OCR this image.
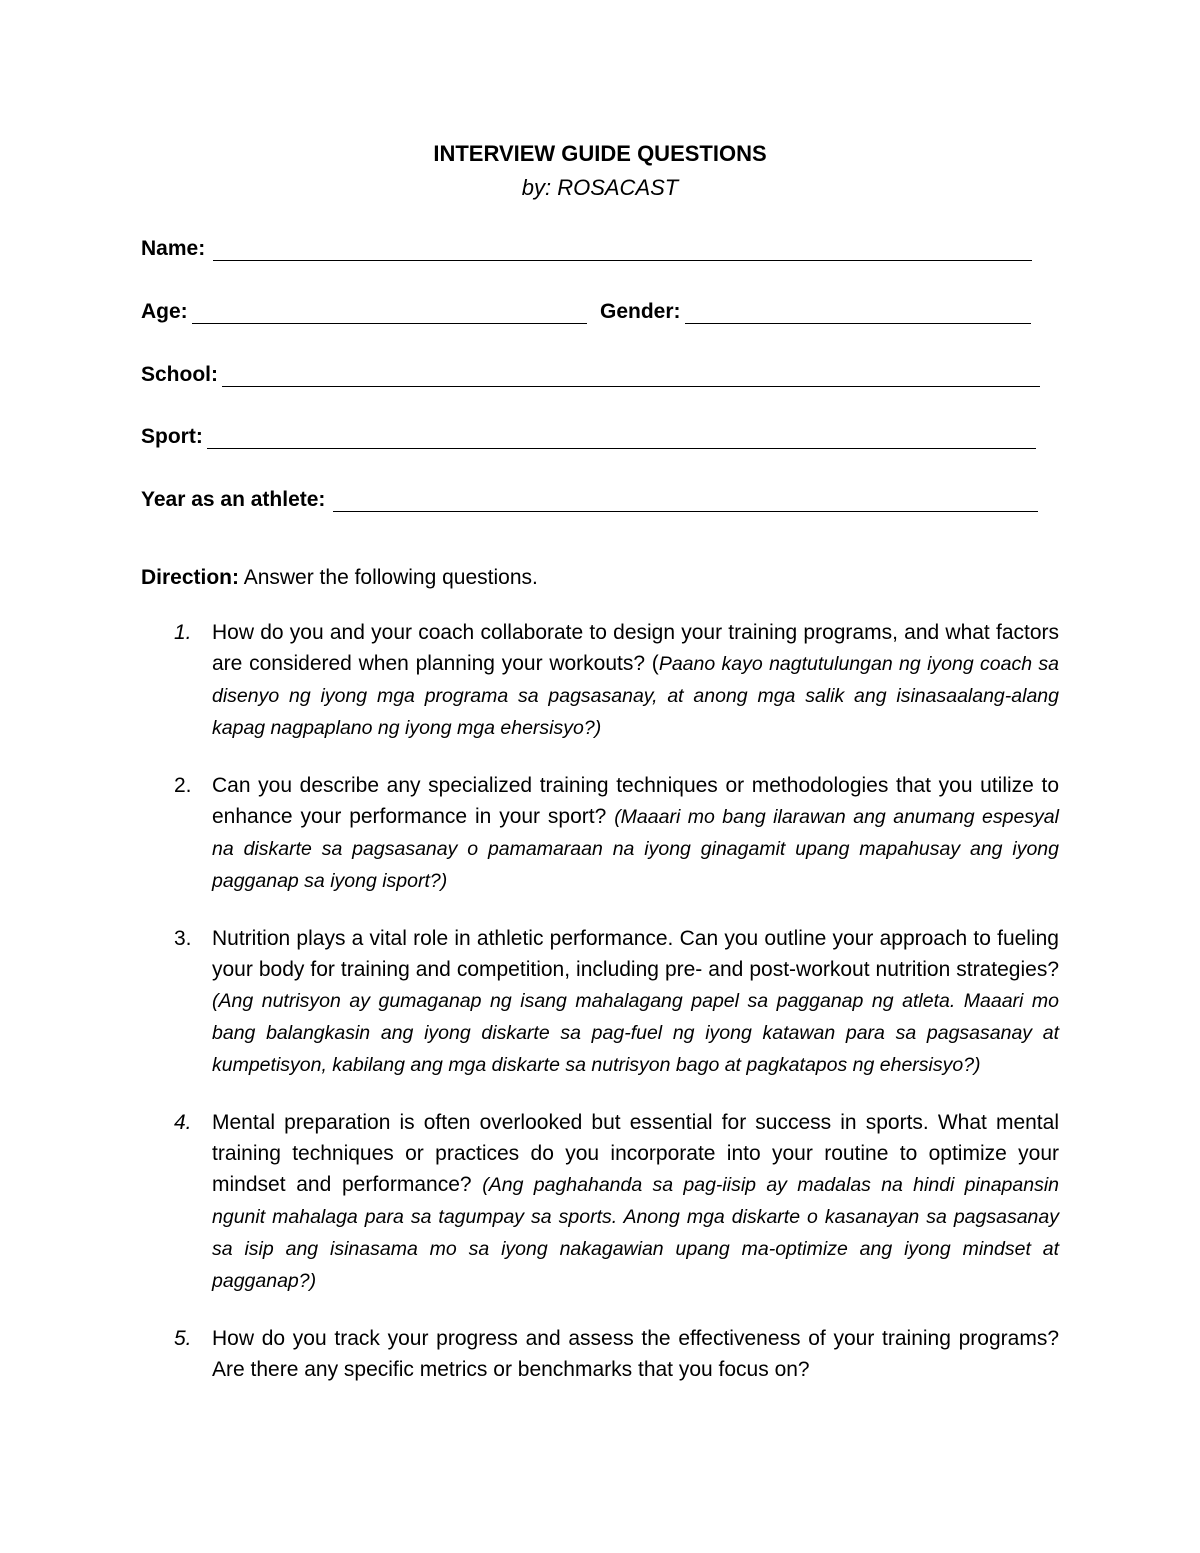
INTERVIEW GUIDE QUESTIONS
by: ROSACAST
Name:
Age:	Gender:
School:
Sport:
Year as an athlete:
Direction: Answer the following questions.
1. How do you and your coach collaborate to design your training programs, and what factors are considered when planning your workouts? (Paano kayo nagtutulungan ng iyong coach sa disenyo ng iyong mga programa sa pagsasanay, at anong mga salik ang isinasaalang-alang kapag nagpaplano ng iyong mga ehersisyo?)
2. Can you describe any specialized training techniques or methodologies that you utilize to enhance your performance in your sport? (Maaari mo bang ilarawan ang anumang espesyal na diskarte sa pagsasanay o pamamaraan na iyong ginagamit upang mapahusay ang iyong pagganap sa iyong isport?)
3. Nutrition plays a vital role in athletic performance. Can you outline your approach to fueling your body for training and competition, including pre- and post-workout nutrition strategies? (Ang nutrisyon ay gumaganap ng isang mahalagang papel sa pagganap ng atleta. Maaari mo bang balangkasin ang iyong diskarte sa pag-fuel ng iyong katawan para sa pagsasanay at kumpetisyon, kabilang ang mga diskarte sa nutrisyon bago at pagkatapos ng ehersisyo?)
4. Mental preparation is often overlooked but essential for success in sports. What mental training techniques or practices do you incorporate into your routine to optimize your mindset and performance? (Ang paghahanda sa pag-iisip ay madalas na hindi pinapansin ngunit mahalaga para sa tagumpay sa sports. Anong mga diskarte o kasanayan sa pagsasanay sa isip ang isinasama mo sa iyong nakagawian upang ma-optimize ang iyong mindset at pagganap?)
5. How do you track your progress and assess the effectiveness of your training programs? Are there any specific metrics or benchmarks that you focus on?
